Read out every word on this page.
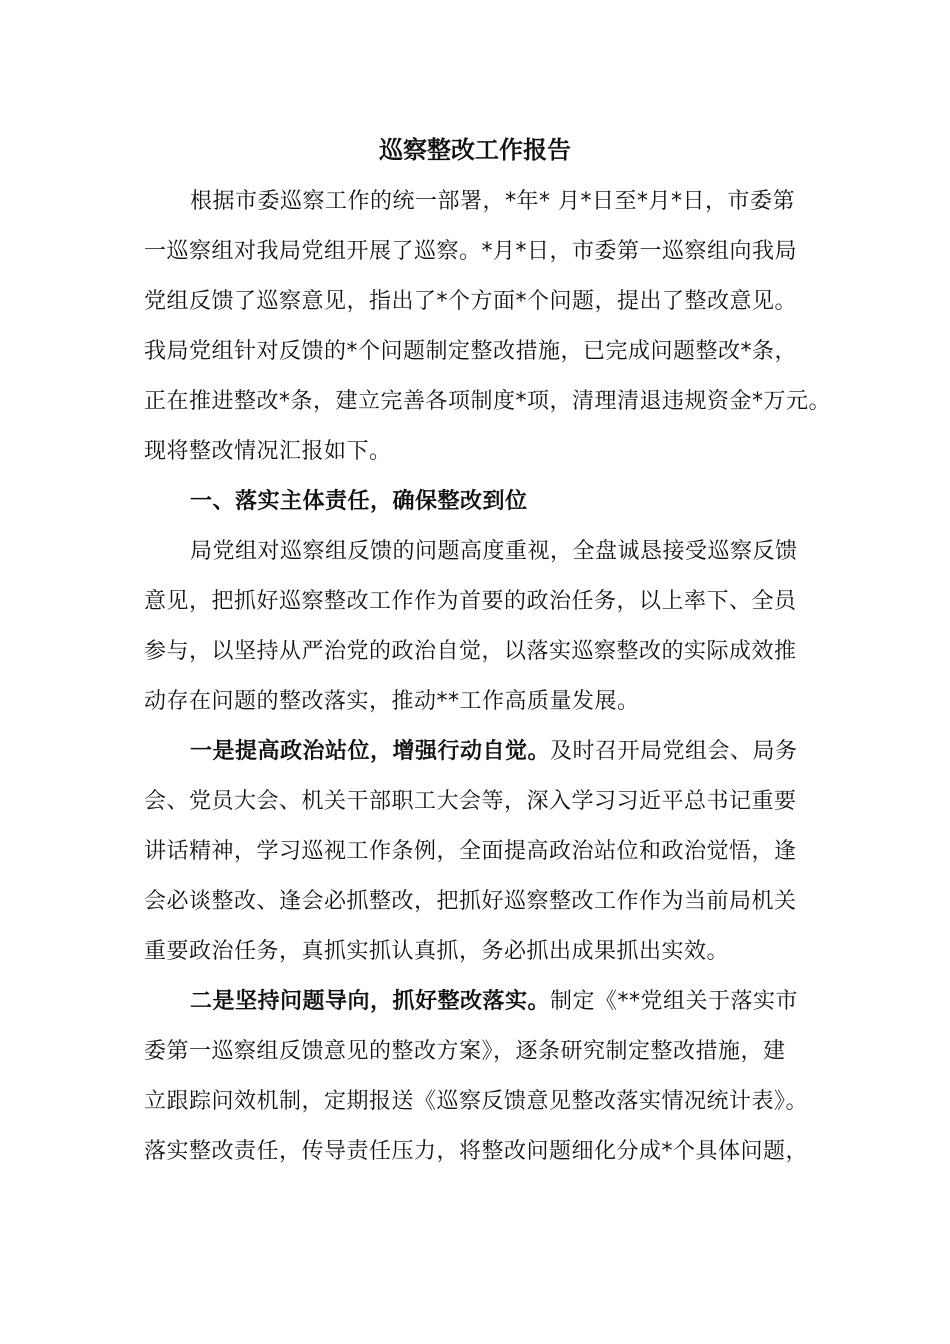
巡察整改工作报告
根据市委巡察工作的统一部署，*年* 月*日至*月*日，市委第
一巡察组对我局党组开展了巡察。*月*日，市委第一巡察组向我局
党组反馈了巡察意见，指出了*个方面*个问题，提出了整改意见。
我局党组针对反馈的*个问题制定整改措施，已完成问题整改*条，
正在推进整改*条，建立完善各项制度*项，清理清退违规资金*万元。
现将整改情况汇报如下。
一、落实主体责任，确保整改到位
局党组对巡察组反馈的问题高度重视，全盘诚恳接受巡察反馈
意见，把抓好巡察整改工作作为首要的政治任务，以上率下、全员
参与，以坚持从严治党的政治自觉，以落实巡察整改的实际成效推
动存在问题的整改落实，推动**工作高质量发展。
一是提高政治站位，增强行动自觉。及时召开局党组会、局务
会、党员大会、机关干部职工大会等，深入学习习近平总书记重要
讲话精神，学习巡视工作条例，全面提高政治站位和政治觉悟，逢
会必谈整改、逢会必抓整改，把抓好巡察整改工作作为当前局机关
重要政治任务，真抓实抓认真抓，务必抓出成果抓出实效。
二是坚持问题导向，抓好整改落实。制定《**党组关于落实市
委第一巡察组反馈意见的整改方案》，逐条研究制定整改措施，建
立跟踪问效机制，定期报送《巡察反馈意见整改落实情况统计表》。
落实整改责任，传导责任压力，将整改问题细化分成*个具体问题，
